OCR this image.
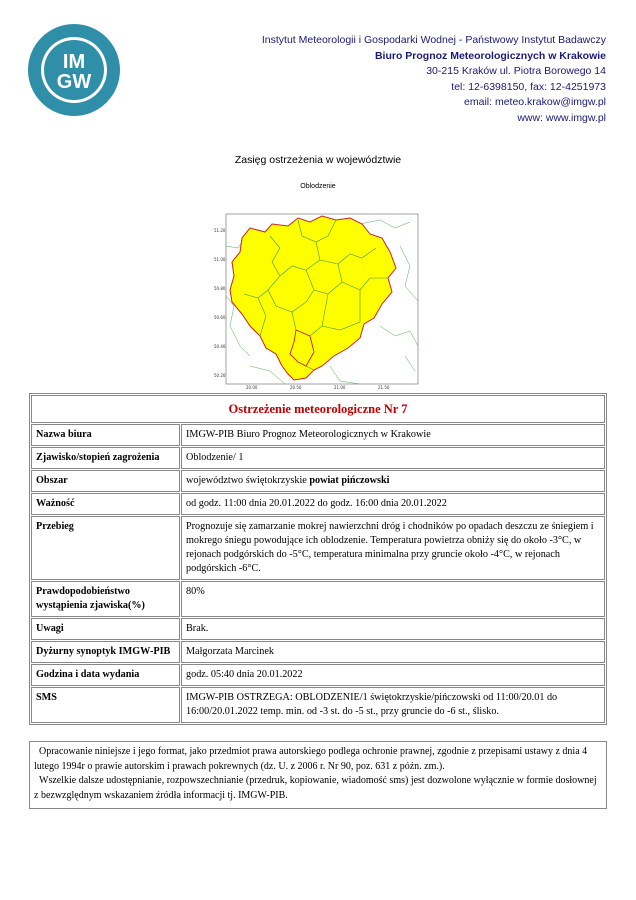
IM
GW
Instytut Meteorologii i Gospodarki Wodnej - Państwowy Instytut Badawczy
Biuro Prognoz Meteorologicznych w Krakowie
30-215 Kraków ul. Piotra Borowego 14
tel: 12-6398150, fax: 12-4251973
email: meteo.krakow@imgw.pl
www: www.imgw.pl
Zasięg ostrzeżenia w województwie
Oblodzenie
51.20
51.00
50.80
50.60
50.40
50.20
20.00	20.50	21.00	21.50
Ostrzeżenie meteorologiczne Nr 7	
Nazwa biura	IMGW-PIB Biuro Prognoz Meteorologicznych w Krakowie
Zjawisko/stopień zagrożenia	Oblodzenie/ 1
Obszar	województwo świętokrzyskie powiat pińczowski
Ważność	od godz. 11:00 dnia 20.01.2022 do godz. 16:00 dnia 20.01.2022
Przebieg	Prognozuje się zamarzanie mokrej nawierzchni dróg i chodników po opadach deszczu ze śniegiem i mokrego śniegu powodujące ich oblodzenie. Temperatura powietrza obniży się do około -3°C, w rejonach podgórskich do -5°C, temperatura minimalna przy gruncie około -4°C, w rejonach podgórskich -6°C.
Prawdopodobieństwo wystąpienia zjawiska(%)	80%
Uwagi	Brak.
Dyżurny synoptyk IMGW-PIB	Małgorzata Marcinek
Godzina i data wydania	godz. 05:40 dnia 20.01.2022
SMS	IMGW-PIB OSTRZEGA: OBLODZENIE/1 świętokrzyskie/pińczowski od 11:00/20.01 do 16:00/20.01.2022 temp. min. od -3 st. do -5 st., przy gruncie do -6 st., ślisko.
Opracowanie niniejsze i jego format, jako przedmiot prawa autorskiego podlega ochronie prawnej, zgodnie z przepisami ustawy z dnia 4 lutego 1994r o prawie autorskim i prawach pokrewnych (dz. U. z 2006 r. Nr 90, poz. 631 z późn. zm.).
Wszelkie dalsze udostępnianie, rozpowszechnianie (przedruk, kopiowanie, wiadomość sms) jest dozwolone wyłącznie w formie dosłownej z bezwzględnym wskazaniem źródła informacji tj. IMGW-PIB.
